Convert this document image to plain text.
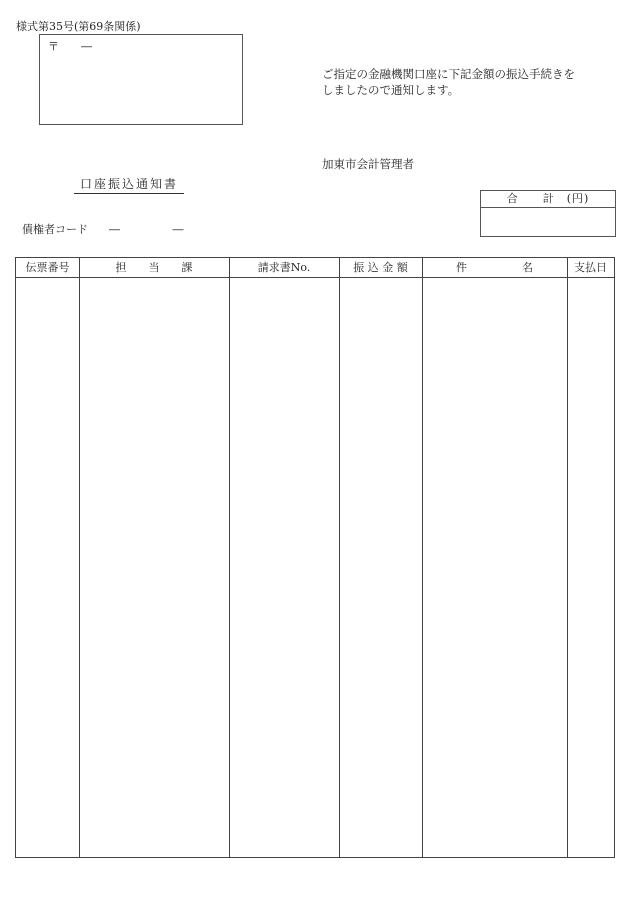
様式第35号(第69条関係)
〒　　―
ご指定の金融機関口座に下記金額の振込手続きを
しましたので通知します。
加東市会計管理者
口座振込通知書
合　　計　(円)
債権者コード ―	―
伝票番号	担　　当　　課	請求書No.	振 込 金 額	件　　　　　名	支払日
